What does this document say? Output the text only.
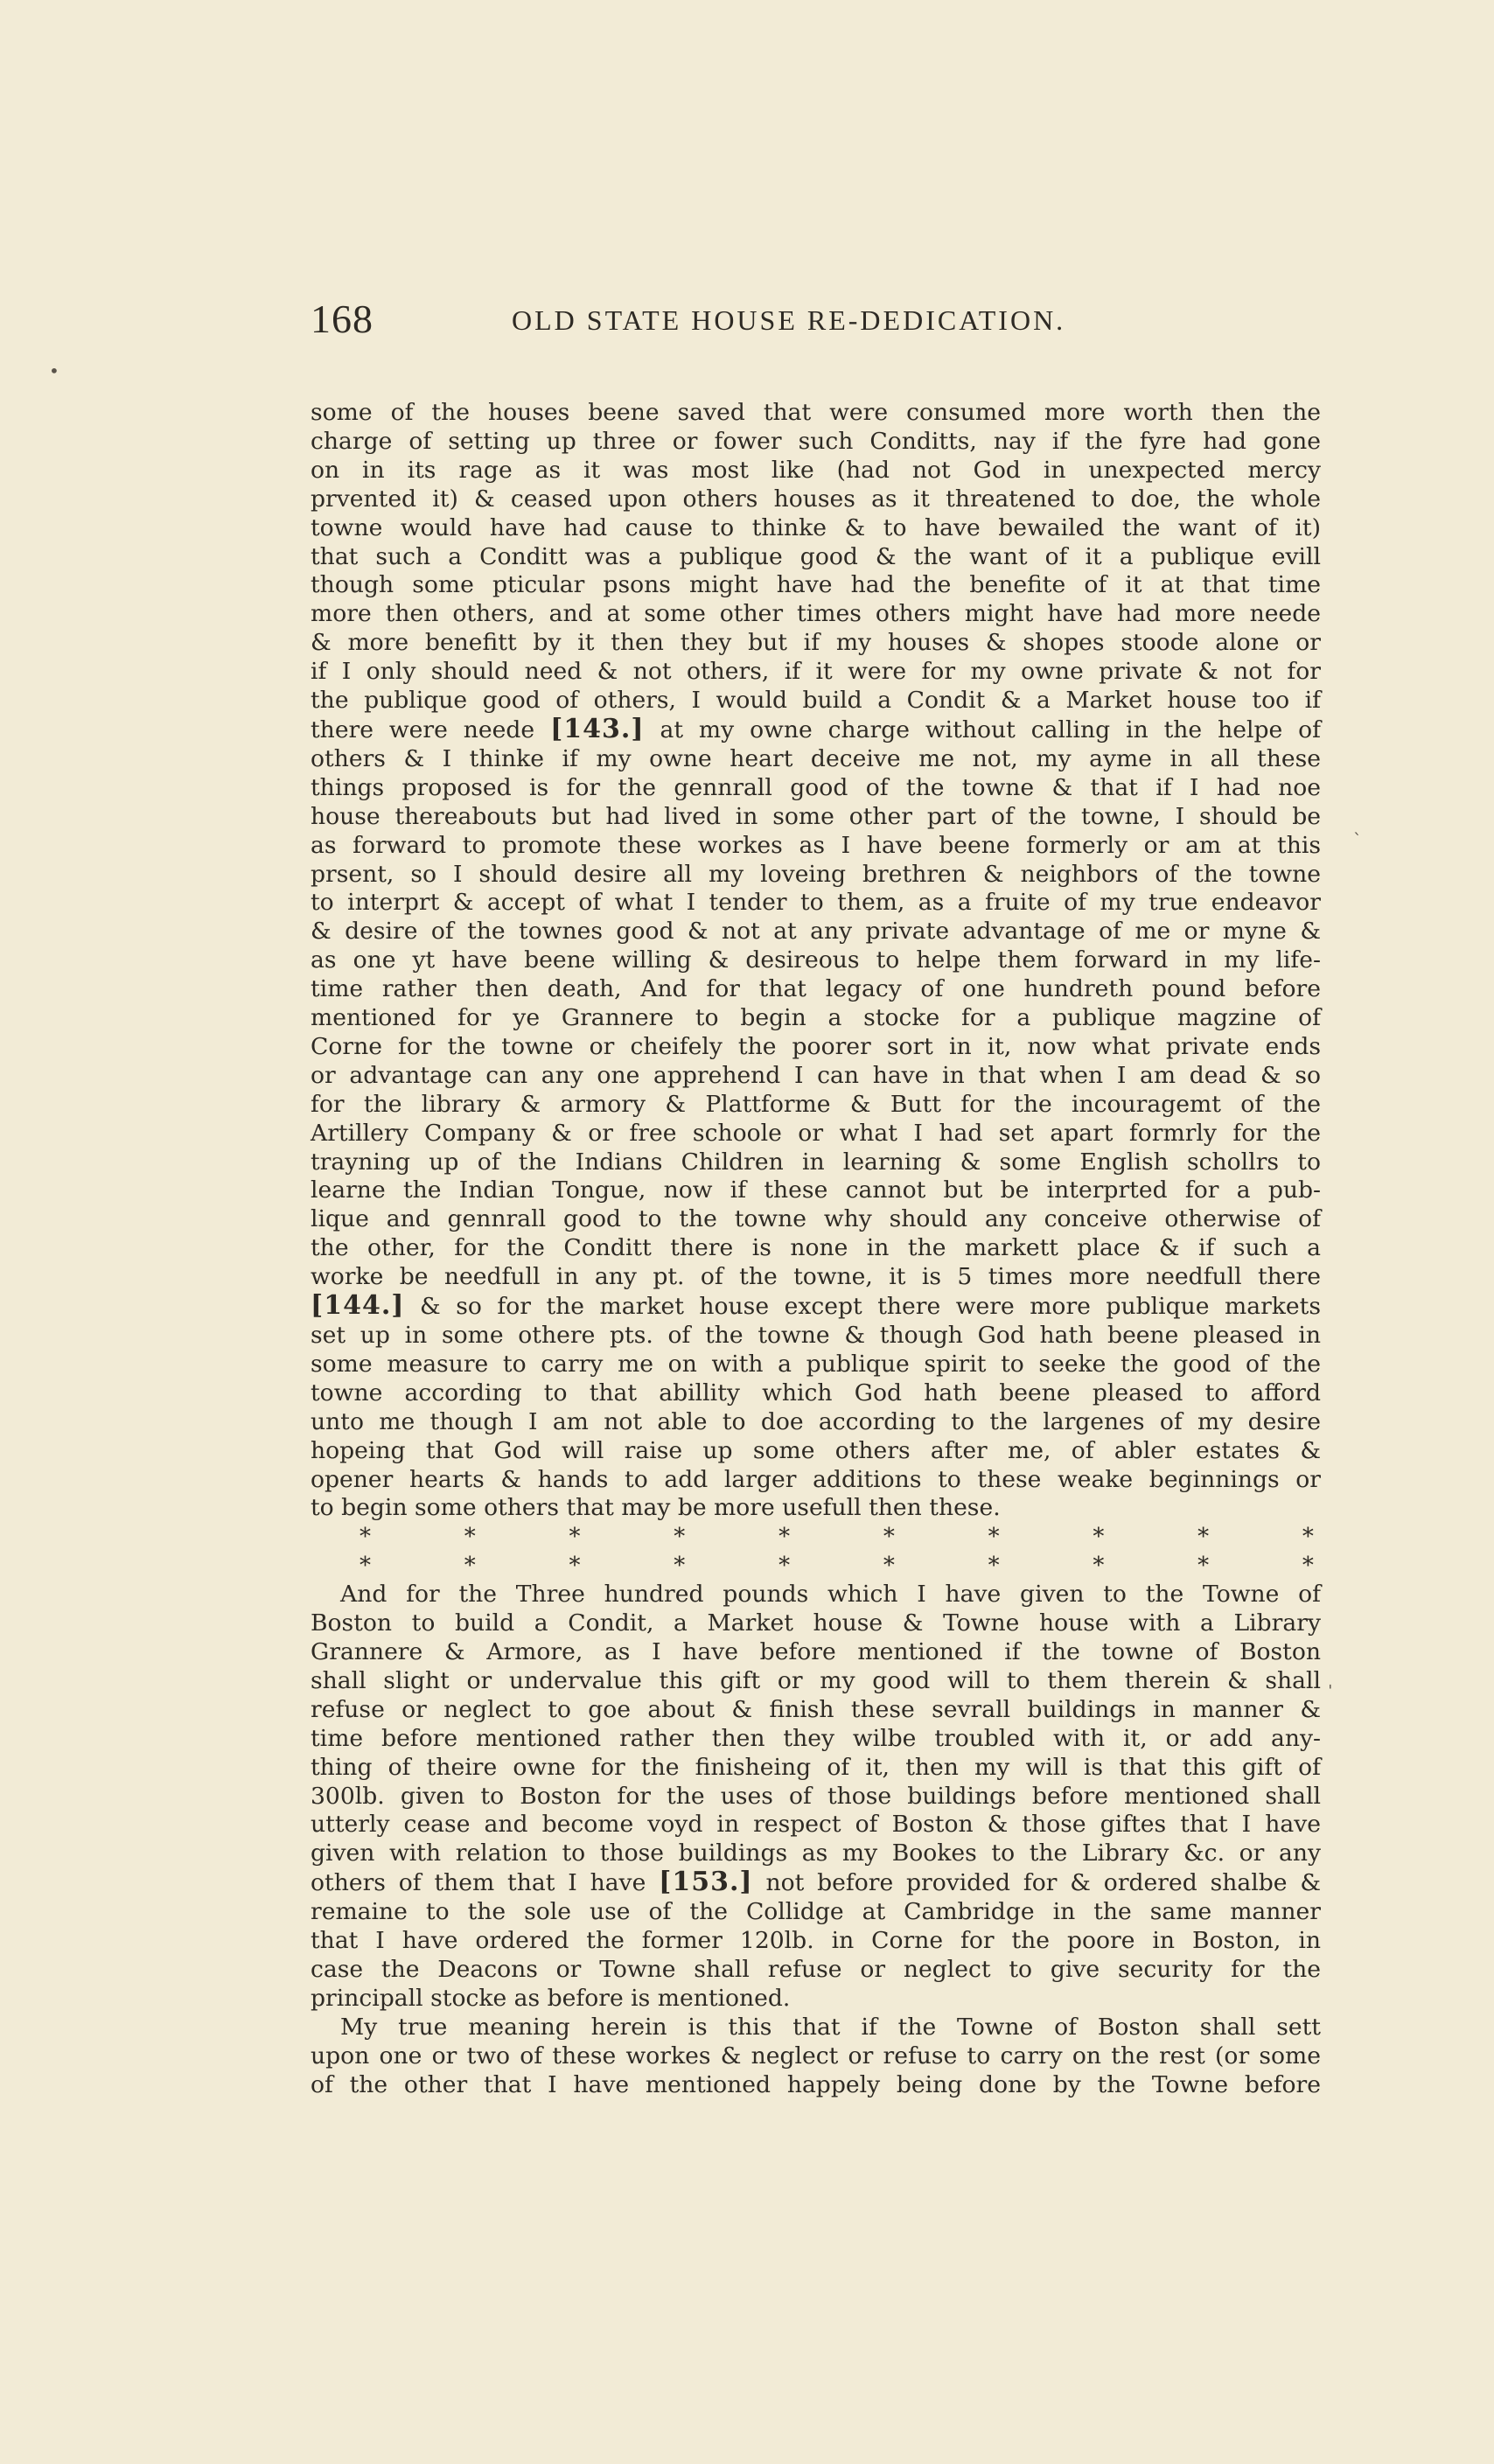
168	OLD STATE HOUSE RE-DEDICATION.
some of the houses beene saved that were consumed more worth then the
charge of setting up three or fower such Conditts, nay if the fyre had gone
on in its rage as it was most like (had not God in unexpected mercy
prvented it) & ceased upon others houses as it threatened to doe, the whole
towne would have had cause to thinke & to have bewailed the want of it)
that such a Conditt was a publique good & the want of it a publique evill
though some pticular psons might have had the benefite of it at that time
more then others, and at some other times others might have had more neede
& more benefitt by it then they but if my houses & shopes stoode alone or
if I only should need & not others, if it were for my owne private & not for
the publique good of others, I would build a Condit & a Market house too if
there were neede [143.] at my owne charge without calling in the helpe of
others & I thinke if my owne heart deceive me not, my ayme in all these
things proposed is for the gennrall good of the towne & that if I had noe
house thereabouts but had lived in some other part of the towne, I should be
as forward to promote these workes as I have beene formerly or am at this
prsent, so I should desire all my loveing brethren & neighbors of the towne
to interprt & accept of what I tender to them, as a fruite of my true endeavor
& desire of the townes good & not at any private advantage of me or myne &
as one yt have beene willing & desireous to helpe them forward in my life-
time rather then death, And for that legacy of one hundreth pound before
mentioned for ye Grannere to begin a stocke for a publique magzine of
Corne for the towne or cheifely the poorer sort in it, now what private ends
or advantage can any one apprehend I can have in that when I am dead & so
for the library & armory & Plattforme & Butt for the incouragemt of the
Artillery Company & or free schoole or what I had set apart formrly for the
trayning up of the Indians Children in learning & some English schollrs to
learne the Indian Tongue, now if these cannot but be interprted for a pub-
lique and gennrall good to the towne why should any conceive otherwise of
the other, for the Conditt there is none in the markett place & if such a
worke be needfull in any pt. of the towne, it is 5 times more needfull there
[144.] & so for the market house except there were more publique markets
set up in some othere pts. of the towne & though God hath beene pleased in
some measure to carry me on with a publique spirit to seeke the good of the
towne according to that abillity which God hath beene pleased to afford
unto me though I am not able to doe according to the largenes of my desire
hopeing that God will raise up some others after me, of abler estates &
opener hearts & hands to add larger additions to these weake beginnings or
to begin some others that may be more usefull then these.
*	*	*	*	*	*	*	*	*	*
*	*	*	*	*	*	*	*	*	*
And for the Three hundred pounds which I have given to the Towne of
Boston to build a Condit, a Market house & Towne house with a Library
Grannere & Armore, as I have before mentioned if the towne of Boston
shall slight or undervalue this gift or my good will to them therein & shall
refuse or neglect to goe about & finish these sevrall buildings in manner &
time before mentioned rather then they wilbe troubled with it, or add any-
thing of theire owne for the finisheing of it, then my will is that this gift of
300lb. given to Boston for the uses of those buildings before mentioned shall
utterly cease and become voyd in respect of Boston & those giftes that I have
given with relation to those buildings as my Bookes to the Library &c. or any
others of them that I have [153.] not before provided for & ordered shalbe &
remaine to the sole use of the Collidge at Cambridge in the same manner
that I have ordered the former 120lb. in Corne for the poore in Boston, in
case the Deacons or Towne shall refuse or neglect to give security for the
principall stocke as before is mentioned.
My true meaning herein is this that if the Towne of Boston shall sett
upon one or two of these workes & neglect or refuse to carry on the rest (or some
of the other that I have mentioned happely being done by the Towne before
ˋ
ˈ
•
